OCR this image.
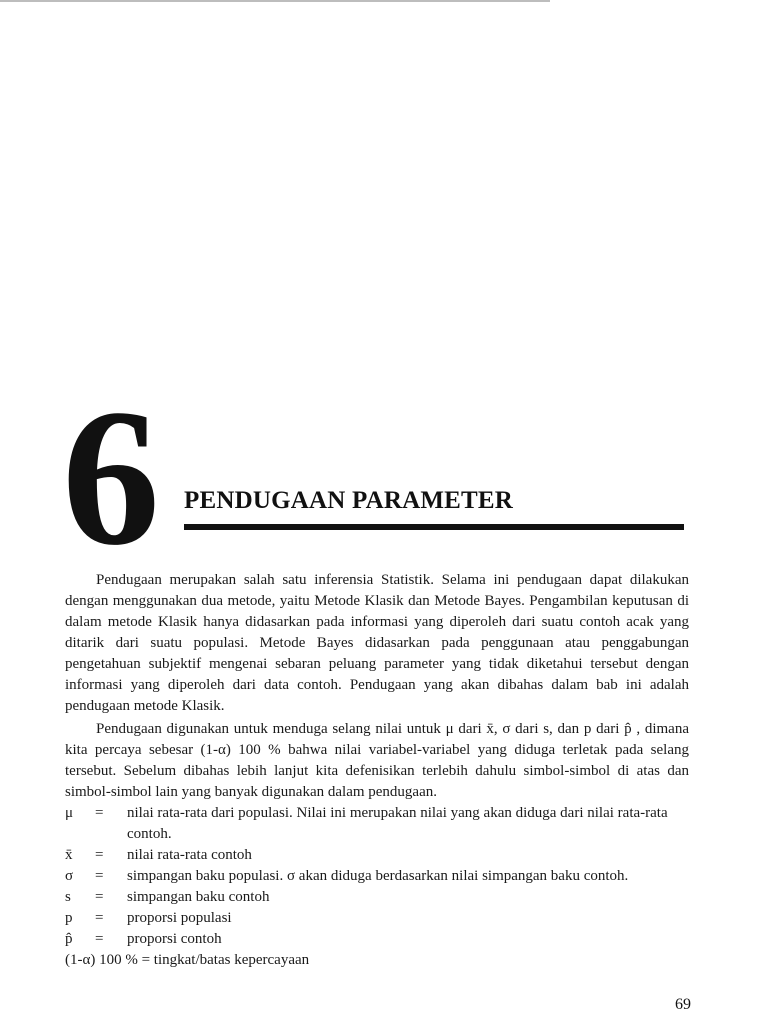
6 PENDUGAAN PARAMETER

Pendugaan merupakan salah satu inferensia Statistik. Selama ini pendugaan dapat dilakukan dengan menggunakan dua metode, yaitu Metode Klasik dan Metode Bayes. Pengambilan keputusan di dalam metode Klasik hanya didasarkan pada informasi yang diperoleh dari suatu contoh acak yang ditarik dari suatu populasi. Metode Bayes didasarkan pada penggunaan atau penggabungan pengetahuan subjektif mengenai sebaran peluang parameter yang tidak diketahui tersebut dengan informasi yang diperoleh dari data contoh. Pendugaan yang akan dibahas dalam bab ini adalah pendugaan metode Klasik.

Pendugaan digunakan untuk menduga selang nilai untuk μ dari x̄, σ dari s, dan p dari p̂ , dimana kita percaya sebesar (1-α) 100 % bahwa nilai variabel-variabel yang diduga terletak pada selang tersebut. Sebelum dibahas lebih lanjut kita defenisikan terlebih dahulu simbol-simbol di atas dan simbol-simbol lain yang banyak digunakan dalam pendugaan.

μ	=	nilai rata-rata dari populasi. Nilai ini merupakan nilai yang akan diduga dari nilai rata-rata contoh.
x̄	=	nilai rata-rata contoh
σ	=	simpangan baku populasi. σ akan diduga berdasarkan nilai simpangan baku contoh.
s	=	simpangan baku contoh
p	=	proporsi populasi
p̂	=	proporsi contoh
(1-α) 100 % = tingkat/batas kepercayaan
69
